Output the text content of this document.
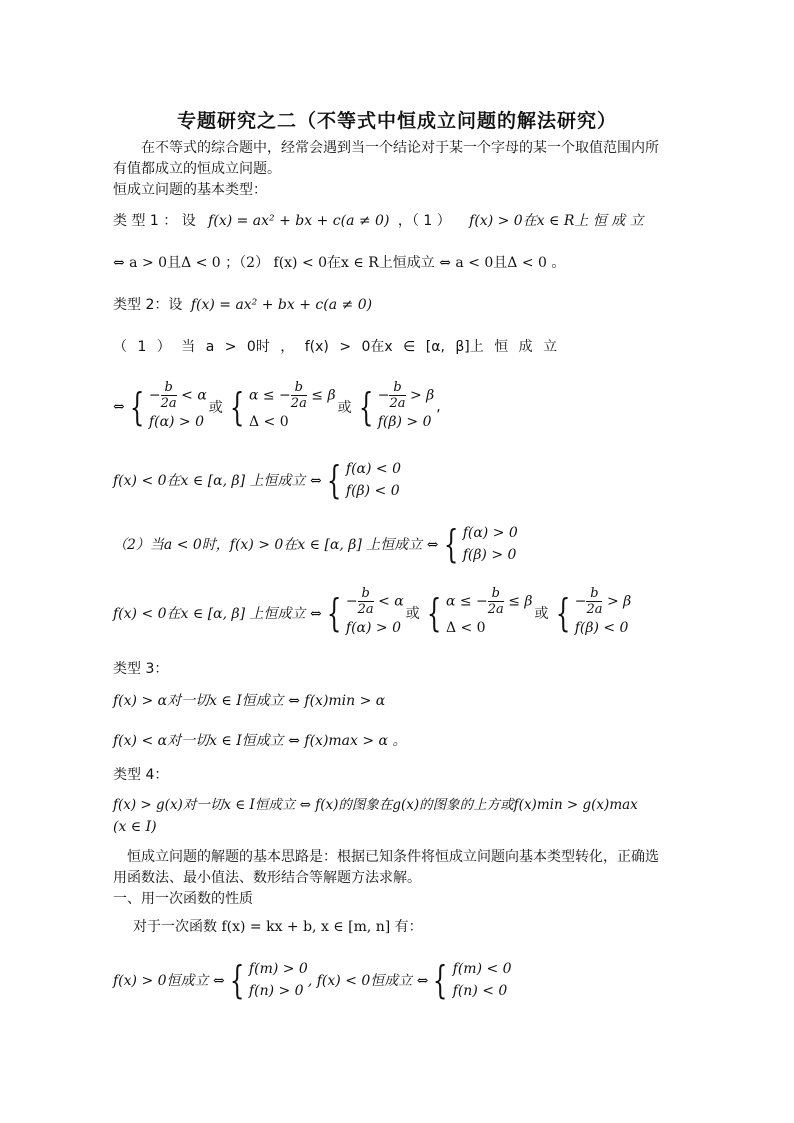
专题研究之二（不等式中恒成立问题的解法研究）
在不等式的综合题中，经常会遇到当一个结论对于某一个字母的某一个取值范围内所
有值都成立的恒成立问题。
恒成立问题的基本类型：
类 型 1 ： 设 f(x) = ax² + bx + c(a ≠ 0) ，（ 1 ） f(x) > 0在x ∈ R上 恒 成 立
⇔ a > 0且Δ < 0 ；（2） f(x) < 0在x ∈ R上恒成立 ⇔ a < 0且Δ < 0 。
类型 2：设 f(x) = ax² + bx + c(a ≠ 0)
（ 1 ） 当 a > 0时 ， f(x) > 0在x ∈ [α, β]上 恒 成 立
⇔ { − $\frac{b}{2a} < \alpha$
f(α) > 0
或 { α ≤ − $\frac{b}{2a} \le \beta$
Δ < 0
或 { − $\frac{b}{2a} > \beta$
f(β) > 0
,
f(x) < 0在x ∈ [α, β] 上恒成立 ⇔ { f(α) < 0
f(β) < 0
（2）当a < 0时，f(x) > 0在x ∈ [α, β] 上恒成立 ⇔ { f(α) > 0
f(β) > 0
f(x) < 0在x ∈ [α, β] 上恒成立 ⇔ { − $\frac{b}{2a} < \alpha$
f(α) > 0
或 { α ≤ − $\frac{b}{2a} \le \beta$
Δ < 0
或 { − $\frac{b}{2a} > \beta$
f(β) < 0
类型 3：
f(x) > α对一切x ∈ I恒成立 ⇔ f(x)min > α
f(x) < α对一切x ∈ I恒成立 ⇔ f(x)max > α 。
类型 4：
f(x) > g(x)对一切x ∈ I恒成立 ⇔ f(x)的图象在g(x)的图象的上方或f(x)min > g(x)max
(x ∈ I)
恒成立问题的解题的基本思路是：根据已知条件将恒成立问题向基本类型转化，正确选
用函数法、最小值法、数形结合等解题方法求解。
一、用一次函数的性质
对于一次函数 f(x) = kx + b, x ∈ [m, n] 有：
f(x) > 0恒成立 ⇔ { f(m) > 0
f(n) > 0
, f(x) < 0恒成立 ⇔ { f(m) < 0
f(n) < 0
